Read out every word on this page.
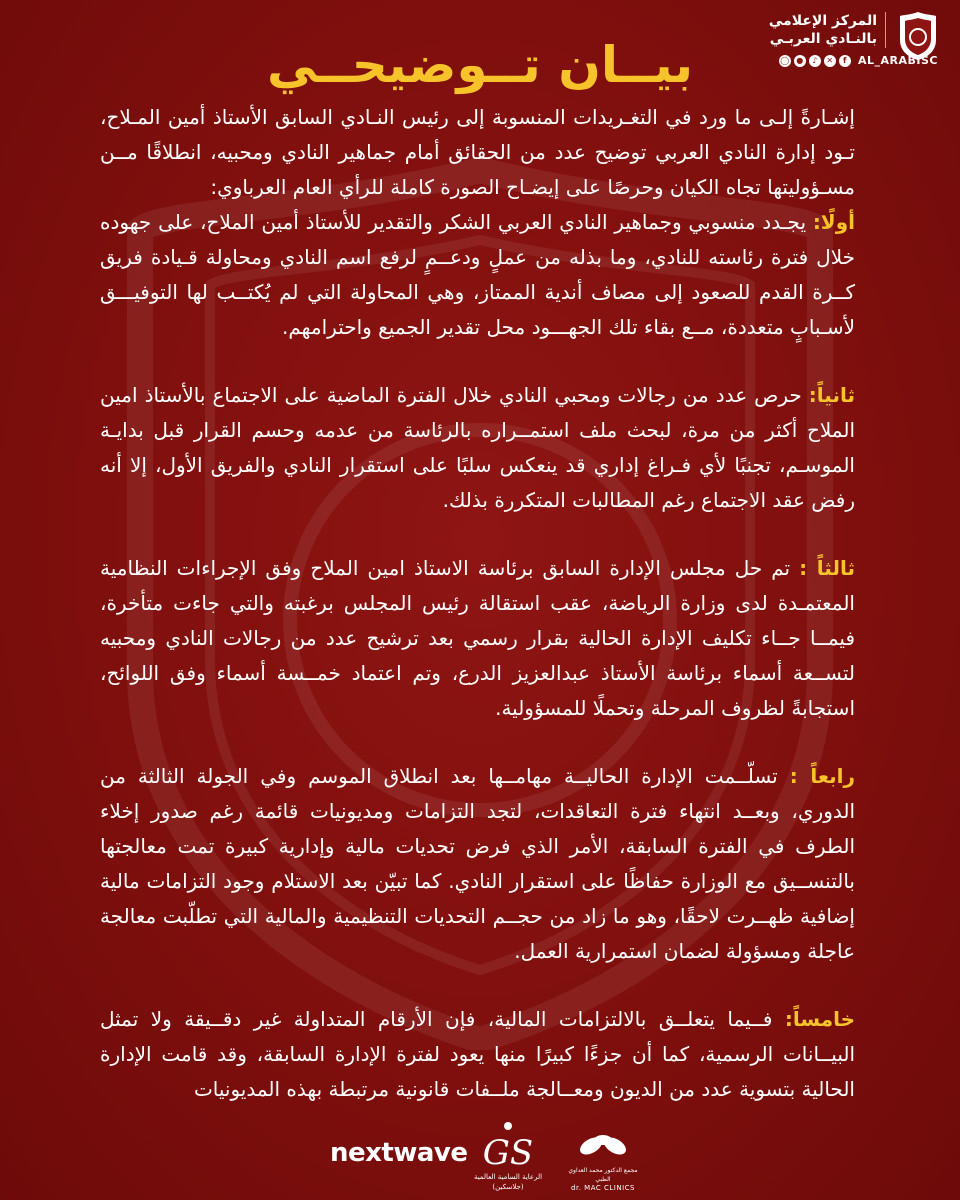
المركز الإعلامي
بالنـادي العربـي
◯ ●	♪	✕	f	AL_ARABISC
بيــان تــوضيحــي

إشـارةً إلـى ما ورد في التغـريدات المنسوبة إلى رئيس النـادي السابق الأستاذ أمين المـلاح، تـود إدارة النادي العربي توضيح عدد من الحقائق أمام جماهير النادي ومحبيه، انطلاقًا مــن مسـؤوليتها تجاه الكيان وحرصًا على إيضـاح الصورة كاملة للرأي العام العرباوي:

أولًا: يجـدد منسوبي وجماهير النادي العربي الشكر والتقدير للأستاذ أمين الملاح، على جهوده خلال فترة رئاسته للنادي، وما بذله من عملٍ ودعــمٍ لرفع اسم النادي ومحاولة قـيادة فريق كــرة القدم للصعود إلى مصاف أندية الممتاز، وهي المحاولة التي لم يُكتــب لها التوفيـــق لأسـبابٍ متعددة، مــع بقاء تلك الجهـــود محل تقدير الجميع واحترامهم.

ثانياً: حرص عدد من رجالات ومحبي النادي خلال الفترة الماضية على الاجتماع بالأستاذ امين الملاح أكثر من مرة، لبحث ملف استمــراره بالرئاسة من عدمه وحسم القرار قبل بدايـة الموسـم، تجنبًا لأي فـراغ إداري قد ينعكس سلبًا على استقرار النادي والفريق الأول، إلا أنه رفض عقد الاجتماع رغم المطالبات المتكررة بذلك.

ثالثاً : تم حل مجلس الإدارة السابق برئاسة الاستاذ امين الملاح وفق الإجراءات النظامية المعتمـدة لدى وزارة الرياضة، عقب استقالة رئيس المجلس برغبته والتي جاءت متأخرة، فيمــا جــاء تكليف الإدارة الحالية بقرار رسمي بعد ترشيح عدد من رجالات النادي ومحبيه لتســعة أسماء برئاسة الأستاذ عبدالعزيز الدرع، وتم اعتماد خمــسة أسماء وفق اللوائح، استجابةً لظروف المرحلة وتحملًا للمسؤولية.

رابعاً : تسلّــمت الإدارة الحاليــة مهامــها بعد انطلاق الموسم وفي الجولة الثالثة من الدوري، وبعــد انتهاء فترة التعاقدات، لتجد التزامات ومديونيات قائمة رغم صدور إخلاء الطرف في الفترة السابقة، الأمر الذي فرض تحديات مالية وإدارية كبيرة تمت معالجتها بالتنســيق مع الوزارة حفاظًا على استقرار النادي. كما تبيّن بعد الاستلام وجود التزامات مالية إضافية ظهــرت لاحقًا، وهو ما زاد من حجــم التحديات التنظيمية والمالية التي تطلّبت معالجة عاجلة ومسؤولة لضمان استمرارية العمل.

خامساً: فــيما يتعلــق بالالتزامات المالية، فإن الأرقام المتداولة غير دقــيقة ولا تمثل البيــانات الرسمية، كما أن جزءًا كبيرًا منها يعود لفترة الإدارة السابقة، وقد قامت الإدارة الحالية بتسوية عدد من الديون ومعــالجة ملــفات قانونية مرتبطة بهذه المديونيات

nextwave GS
الرعاية السامية العالمية (جلاسكين)
مجمع الدكتور محمد العداوي الطبي
dr. MAC CLINICS
